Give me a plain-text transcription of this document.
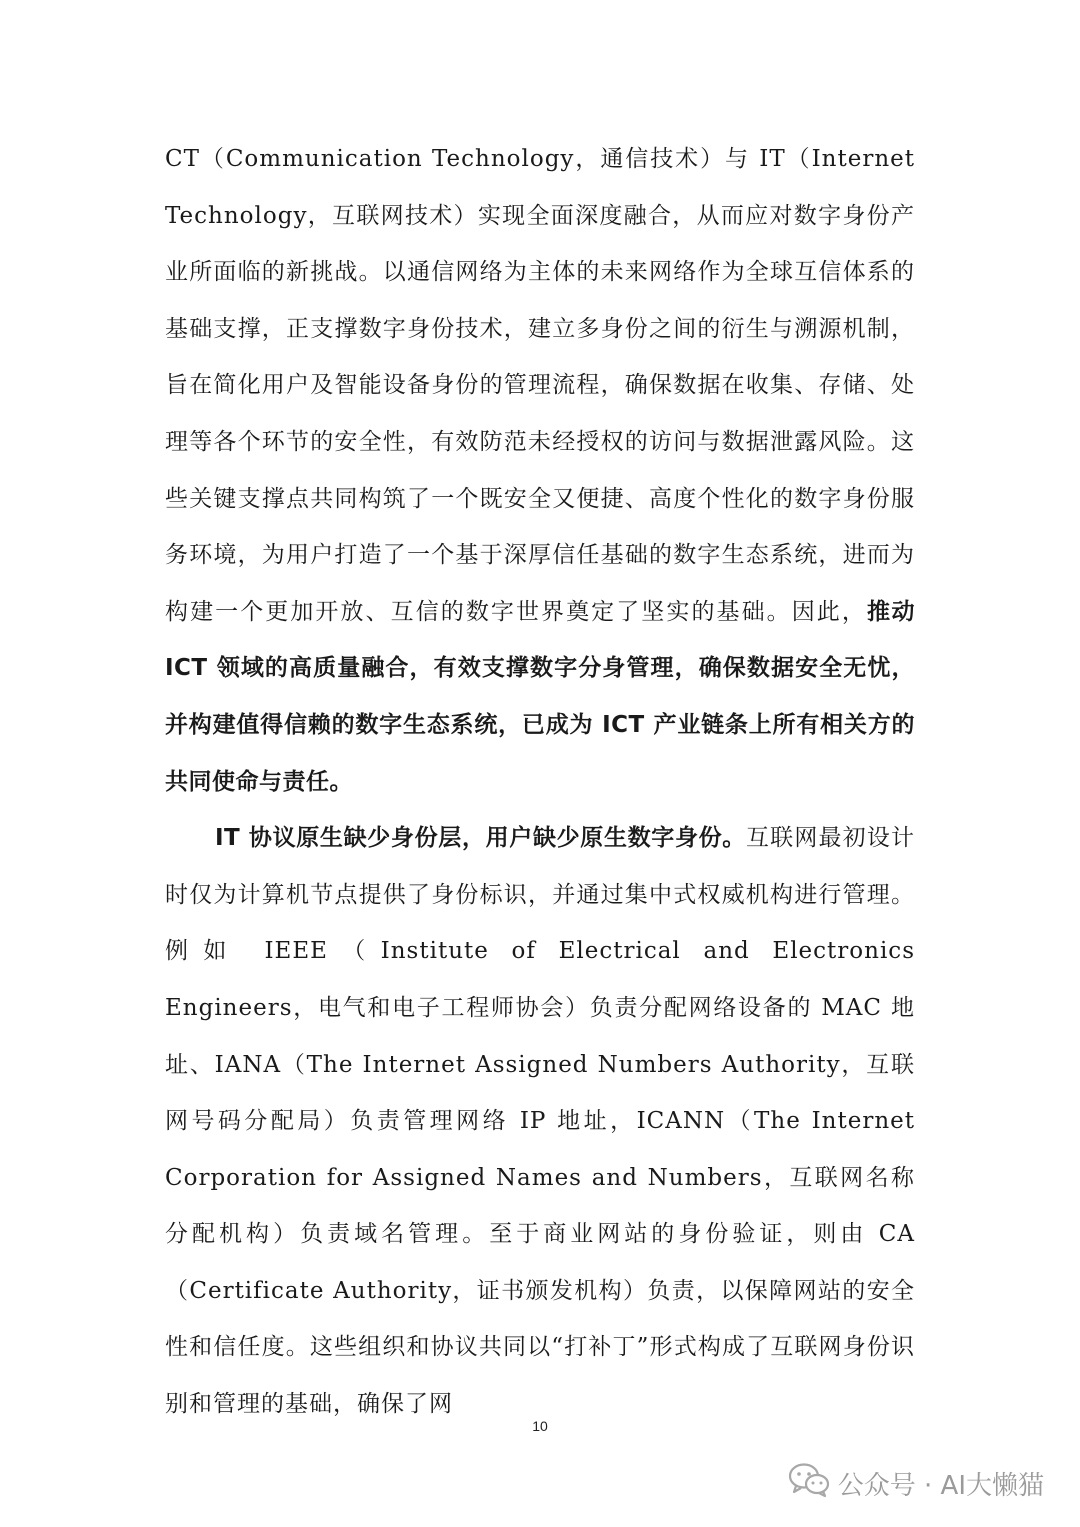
CT（Communication Technology，通信技术）与 IT（Internet Technology，互联网技术）实现全面深度融合，从而应对数字身份产业所面临的新挑战。以通信网络为主体的未来网络作为全球互信体系的基础支撑，正支撑数字身份技术，建立多身份之间的衍生与溯源机制，旨在简化用户及智能设备身份的管理流程，确保数据在收集、存储、处理等各个环节的安全性，有效防范未经授权的访问与数据泄露风险。这些关键支撑点共同构筑了一个既安全又便捷、高度个性化的数字身份服务环境，为用户打造了一个基于深厚信任基础的数字生态系统，进而为构建一个更加开放、互信的数字世界奠定了坚实的基础。因此，推动 ICT 领域的高质量融合，有效支撑数字分身管理，确保数据安全无忧，并构建值得信赖的数字生态系统，已成为 ICT 产业链条上所有相关方的共同使命与责任。

IT 协议原生缺少身份层，用户缺少原生数字身份。互联网最初设计时仅为计算机节点提供了身份标识，并通过集中式权威机构进行管理。例如 IEEE（Institute of Electrical and Electronics Engineers，电气和电子工程师协会）负责分配网络设备的 MAC 地址、IANA（The Internet Assigned Numbers Authority，互联网号码分配局）负责管理网络 IP 地址，ICANN（The Internet Corporation for Assigned Names and Numbers，互联网名称分配机构）负责域名管理。至于商业网站的身份验证，则由 CA（Certificate Authority，证书颁发机构）负责，以保障网站的安全性和信任度。这些组织和协议共同以“打补丁”形式构成了互联网身份识别和管理的基础，确保了网

10
公众号 · AI大懒猫
